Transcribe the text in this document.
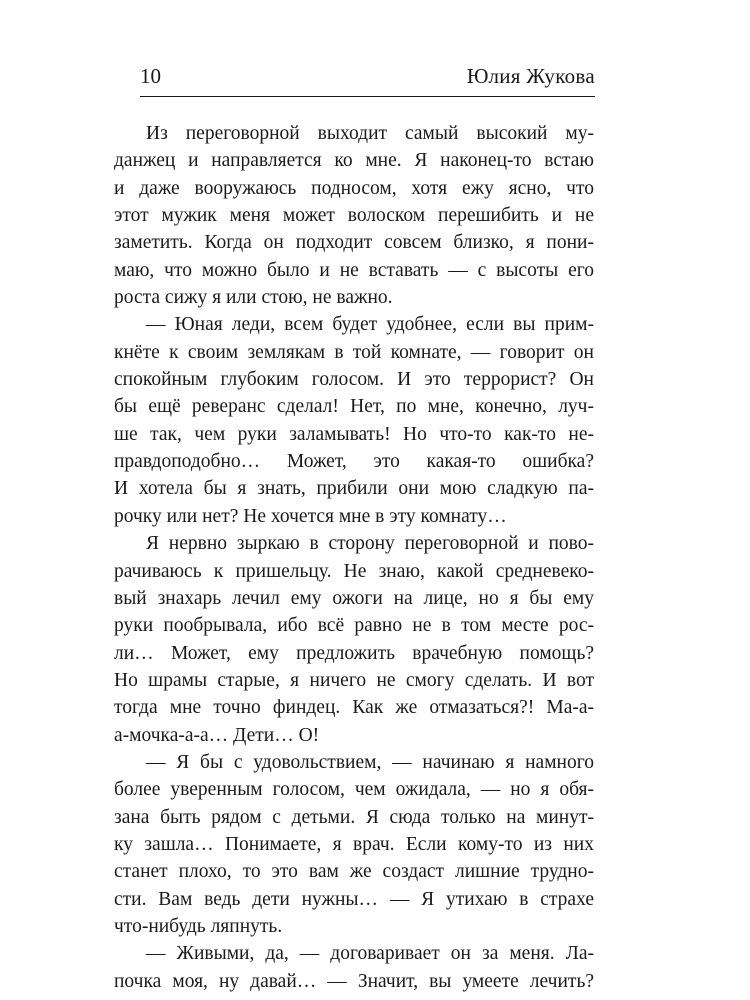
10	Юлия Жукова
Из переговорной выходит самый высокий му-
данжец и направляется ко мне. Я наконец-то встаю
и даже вооружаюсь подносом, хотя ежу ясно, что
этот мужик меня может волоском перешибить и не
заметить. Когда он подходит совсем близко, я пони-
маю, что можно было и не вставать — с высоты его
роста сижу я или стою, не важно.
— Юная леди, всем будет удобнее, если вы прим-
кнёте к своим землякам в той комнате, — говорит он
спокойным глубоким голосом. И это террорист? Он
бы ещё реверанс сделал! Нет, по мне, конечно, луч-
ше так, чем руки заламывать! Но что-то как-то не-
правдоподобно… Может, это какая-то ошибка?
И хотела бы я знать, прибили они мою сладкую па-
рочку или нет? Не хочется мне в эту комнату…
Я нервно зыркаю в сторону переговорной и пово-
рачиваюсь к пришельцу. Не знаю, какой средневеко-
вый знахарь лечил ему ожоги на лице, но я бы ему
руки пообрывала, ибо всё равно не в том месте рос-
ли… Может, ему предложить врачебную помощь?
Но шрамы старые, я ничего не смогу сделать. И вот
тогда мне точно финдец. Как же отмазаться?! Ма-а-
а-мочка-а-а… Дети… О!
— Я бы с удовольствием, — начинаю я намного
более уверенным голосом, чем ожидала, — но я обя-
зана быть рядом с детьми. Я сюда только на минут-
ку зашла… Понимаете, я врач. Если кому-то из них
станет плохо, то это вам же создаст лишние трудно-
сти. Вам ведь дети нужны… — Я утихаю в страхе
что-нибудь ляпнуть.
— Живыми, да, — договаривает он за меня. Ла-
почка моя, ну давай… — Значит, вы умеете лечить?
